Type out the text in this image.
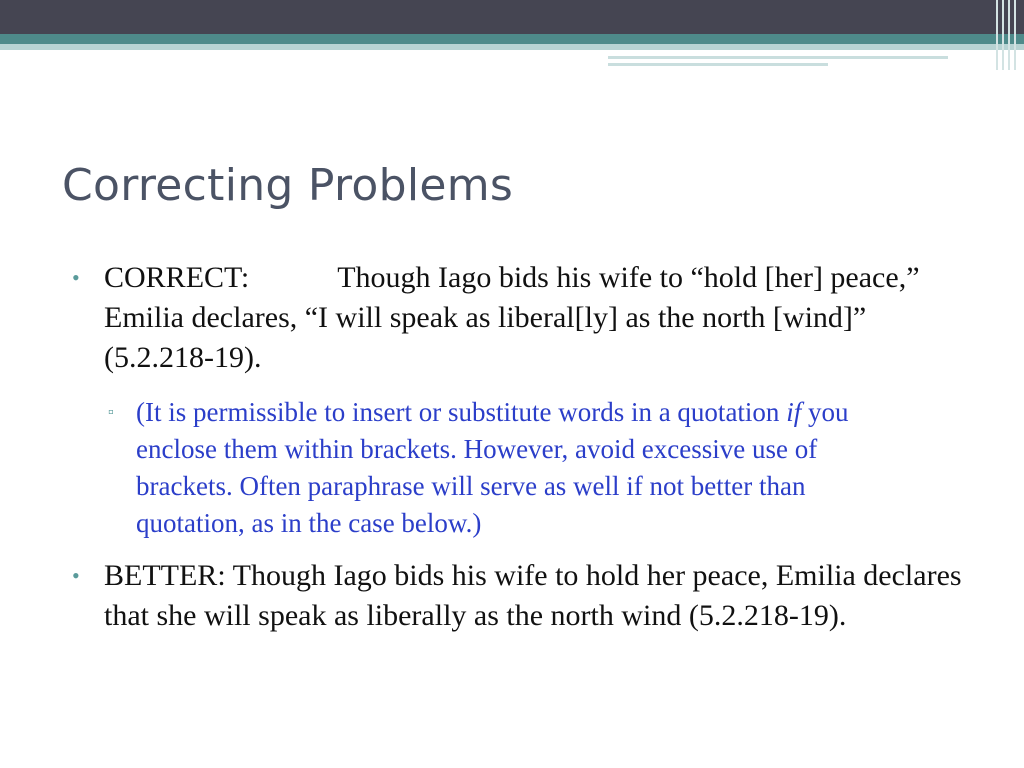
Correcting Problems
• CORRECT:	Though Iago bids his wife to “hold [her] peace,” Emilia declares, “I will speak as liberal[ly] as the north [wind]” (5.2.218-19).
▫ (It is permissible to insert or substitute words in a quotation if you enclose them within brackets. However, avoid excessive use of brackets. Often paraphrase will serve as well if not better than quotation, as in the case below.)
• BETTER: Though Iago bids his wife to hold her peace, Emilia declares that she will speak as liberally as the north wind (5.2.218-19).
